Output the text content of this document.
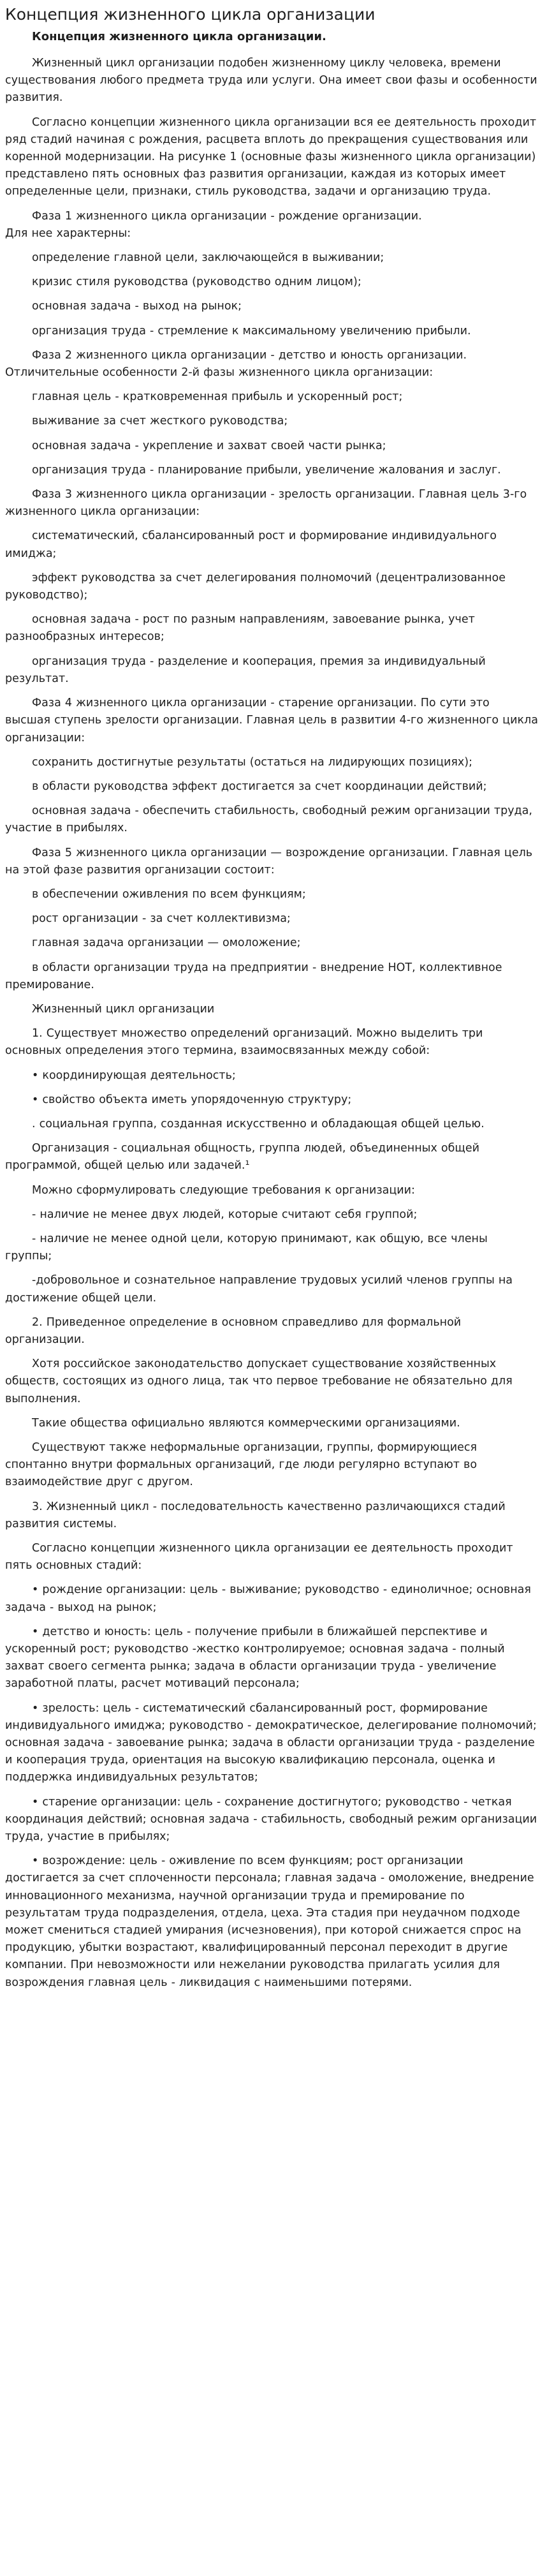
Концепция жизненного цикла организации
Концепция жизненного цикла организации.

Жизненный цикл организации подобен жизненному циклу человека, времени существования любого предмета труда или услуги. Она имеет свои фазы и особенности развития.

Согласно концепции жизненного цикла организации вся ее деятельность проходит ряд стадий начиная с рождения, расцвета вплоть до прекращения существования или коренной модернизации. На рисунке 1 (основные фазы жизненного цикла организации) представлено пять основных фаз развития организации, каждая из которых имеет определенные цели, признаки, стиль руководства, задачи и организацию труда.

Фаза 1 жизненного цикла организации - рождение организации.

Для нее характерны:

определение главной цели, заключающейся в выживании;

кризис стиля руководства (руководство одним лицом);

основная задача - выход на рынок;

организация труда - стремление к максимальному увеличению прибыли.

Фаза 2 жизненного цикла организации - детство и юность организации. Отличительные особенности 2-й фазы жизненного цикла организации:

главная цель - кратковременная прибыль и ускоренный рост;

выживание за счет жесткого руководства;

основная задача - укрепление и захват своей части рынка;

организация труда - планирование прибыли, увеличение жалования и заслуг.

Фаза 3 жизненного цикла организации - зрелость организации. Главная цель 3-го жизненного цикла организации:

систематический, сбалансированный рост и формирование индивидуального имиджа;

эффект руководства за счет делегирования полномочий (децентрализованное руководство);

основная задача - рост по разным направлениям, завоевание рынка, учет разнообразных интересов;

организация труда - разделение и кооперация, премия за индивидуальный результат.

Фаза 4 жизненного цикла организации - старение организации. По сути это высшая ступень зрелости организации. Главная цель в развитии 4-го жизненного цикла организации:

сохранить достигнутые результаты (остаться на лидирующих позициях);

в области руководства эффект достигается за счет координации действий;

основная задача - обеспечить стабильность, свободный режим организации труда, участие в прибылях.

Фаза 5 жизненного цикла организации — возрождение организации. Главная цель на этой фазе развития организации состоит:

в обеспечении оживления по всем функциям;

рост организации - за счет коллективизма;

главная задача организации — омоложение;

в области организации труда на предприятии - внедрение НОТ, коллективное премирование.

Жизненный цикл организации

1. Существует множество определений организаций. Можно выделить три основных определения этого термина, взаимосвязанных между собой:

• координирующая деятельность;

• свойство объекта иметь упорядоченную структуру;

. социальная группа, созданная искусственно и обладающая общей целью.

Организация - социальная общность, группа людей, объединенных общей программой, общей целью или задачей.¹

Можно сформулировать следующие требования к организации:

- наличие не менее двух людей, которые считают себя группой;

- наличие не менее одной цели, которую принимают, как общую, все члены группы;

-добровольное и сознательное направление трудовых усилий членов группы на достижение общей цели.

2. Приведенное определение в основном справедливо для формальной организации.

Хотя российское законодательство допускает существование хозяйственных обществ, состоящих из одного лица, так что первое требование не обязательно для выполнения.

Такие общества официально являются коммерческими организациями.

Существуют также неформальные организации, группы, формирующиеся спонтанно внутри формальных организаций, где люди регулярно вступают во взаимодействие друг с другом.

3. Жизненный цикл - последовательность качественно различающихся стадий развития системы.

Согласно концепции жизненного цикла организации ее деятельность проходит пять основных стадий:

• рождение организации: цель - выживание; руководство - единоличное; основная задача - выход на рынок;

• детство и юность: цель - получение прибыли в ближайшей перспективе и ускоренный рост; руководство -жестко контролируемое; основная задача - полный захват своего сегмента рынка; задача в области организации труда - увеличение заработной платы, расчет мотиваций персонала;

• зрелость: цель - систематический сбалансированный рост, формирование индивидуального имиджа; руководство - демократическое, делегирование полномочий; основная задача - завоевание рынка; задача в области организации труда - разделение и кооперация труда, ориентация на высокую квалификацию персонала, оценка и поддержка индивидуальных результатов;

• старение организации: цель - сохранение достигнутого; руководство - четкая координация действий; основная задача - стабильность, свободный режим организации труда, участие в прибылях;

• возрождение: цель - оживление по всем функциям; рост организации достигается за счет сплоченности персонала; главная задача - омоложение, внедрение инновационного механизма, научной организации труда и премирование по результатам труда подразделения, отдела, цеха. Эта стадия при неудачном подходе может смениться стадией умирания (исчезновения), при которой снижается спрос на продукцию, убытки возрастают, квалифицированный персонал переходит в другие компании. При невозможности или нежелании руководства прилагать усилия для возрождения главная цель - ликвидация с наименьшими потерями.
